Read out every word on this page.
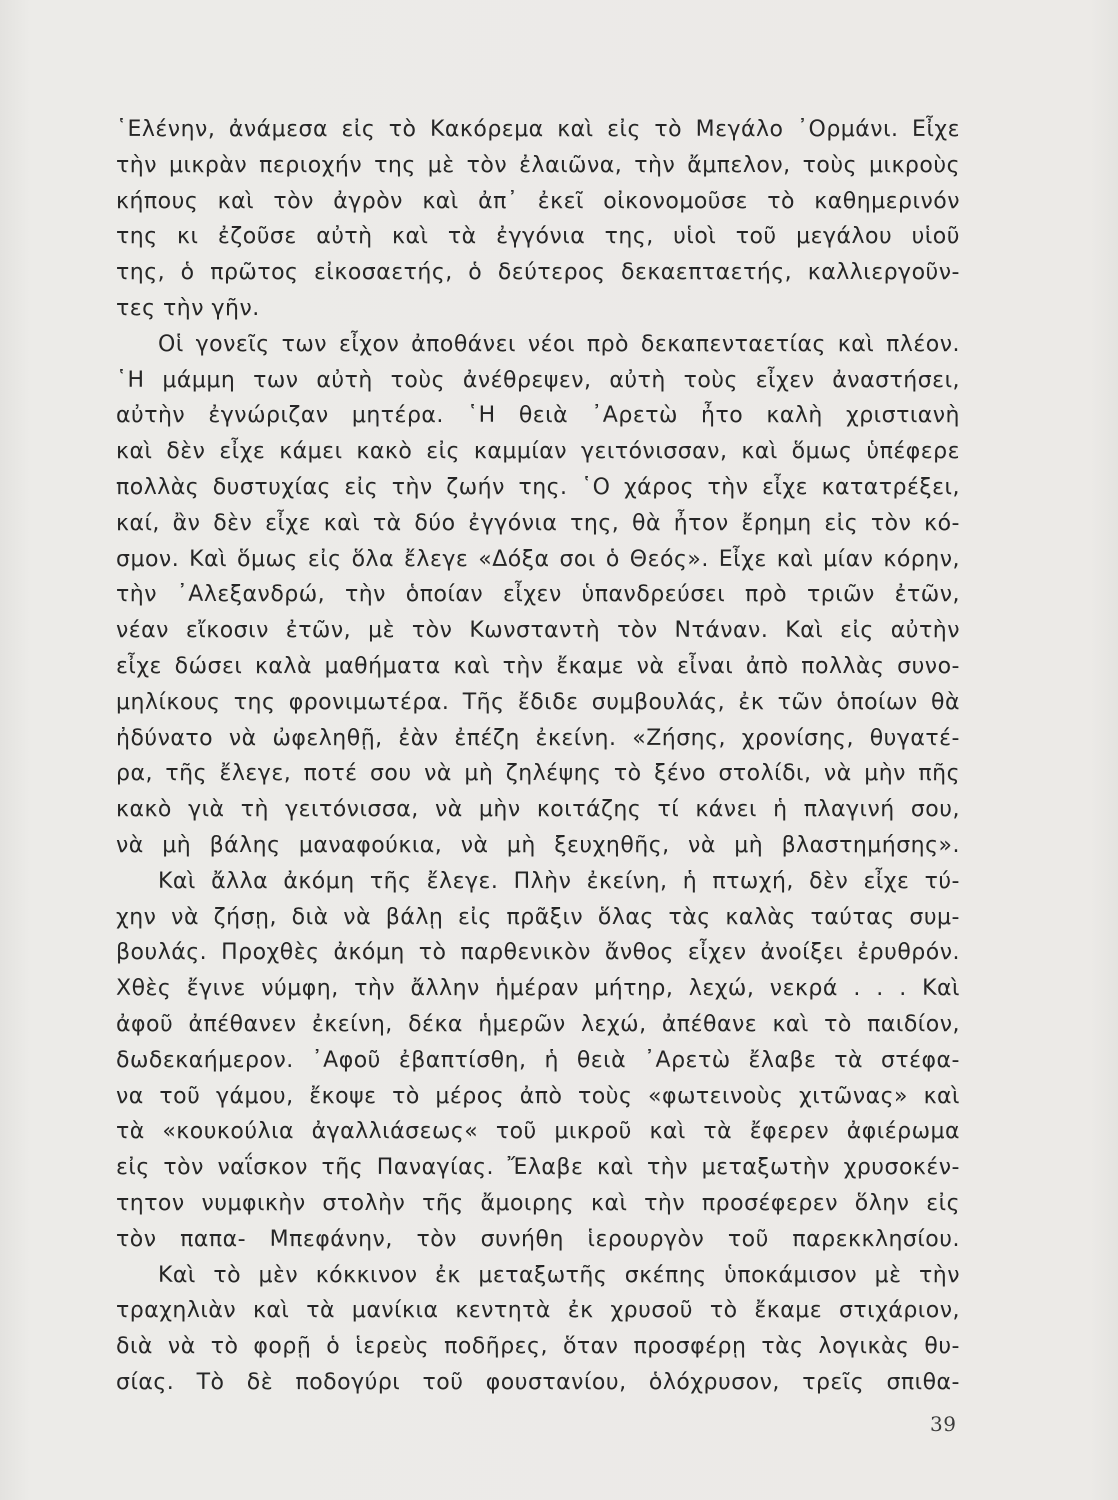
῾Ελένην, ἀνάμεσα εἰς τὸ Κακόρεμα καὶ εἰς τὸ Μεγάλο ᾿Ορμάνι. Εἶχε
τὴν μικρὰν περιοχήν της μὲ τὸν ἐλαιῶνα, τὴν ἄμπελον, τοὺς μικροὺς
κήπους καὶ τὸν ἀγρὸν καὶ ἀπ᾿ ἐκεῖ οἰκονομοῦσε τὸ καθημερινόν
της κι ἐζοῦσε αὐτὴ καὶ τὰ ἐγγόνια της, υἱοὶ τοῦ μεγάλου υἱοῦ
της, ὁ πρῶτος εἰκοσαετής, ὁ δεύτερος δεκαεπταετής, καλλιεργοῦν-
τες τὴν γῆν.
Οἱ γονεῖς των εἶχον ἀποθάνει νέοι πρὸ δεκαπενταετίας καὶ πλέον.
῾Η μάμμη των αὐτὴ τοὺς ἀνέθρεψεν, αὐτὴ τοὺς εἶχεν ἀναστήσει,
αὐτὴν ἐγνώριζαν μητέρα. ῾Η θειὰ ᾿Αρετὼ ἦτο καλὴ χριστιανὴ
καὶ δὲν εἶχε κάμει κακὸ εἰς καμμίαν γειτόνισσαν, καὶ ὅμως ὑπέφερε
πολλὰς δυστυχίας εἰς τὴν ζωήν της. ῾Ο χάρος τὴν εἶχε κατατρέξει,
καί, ἂν δὲν εἶχε καὶ τὰ δύο ἐγγόνια της, θὰ ἦτον ἔρημη εἰς τὸν κό-
σμον. Καὶ ὅμως εἰς ὅλα ἔλεγε «Δόξα σοι ὁ Θεός». Εἶχε καὶ μίαν κόρην,
τὴν ᾿Αλεξανδρώ, τὴν ὁποίαν εἶχεν ὑπανδρεύσει πρὸ τριῶν ἐτῶν,
νέαν εἴκοσιν ἐτῶν, μὲ τὸν Κωνσταντὴ τὸν Ντάναν. Καὶ εἰς αὐτὴν
εἶχε δώσει καλὰ μαθήματα καὶ τὴν ἔκαμε νὰ εἶναι ἀπὸ πολλὰς συνο-
μηλίκους της φρονιμωτέρα. Τῆς ἔδιδε συμβουλάς, ἐκ τῶν ὁποίων θὰ
ἠδύνατο νὰ ὠφεληθῇ, ἐὰν ἐπέζη ἐκείνη. «Ζήσης, χρονίσης, θυγατέ-
ρα, τῆς ἔλεγε, ποτέ σου νὰ μὴ ζηλέψης τὸ ξένο στολίδι, νὰ μὴν πῆς
κακὸ γιὰ τὴ γειτόνισσα, νὰ μὴν κοιτάζης τί κάνει ἡ πλαγινή σου,
νὰ μὴ βάλης μαναφούκια, νὰ μὴ ξευχηθῆς, νὰ μὴ βλαστημήσης».
Καὶ ἄλλα ἀκόμη τῆς ἔλεγε. Πλὴν ἐκείνη, ἡ πτωχή, δὲν εἶχε τύ-
χην νὰ ζήσῃ, διὰ νὰ βάλῃ εἰς πρᾶξιν ὅλας τὰς καλὰς ταύτας συμ-
βουλάς. Προχθὲς ἀκόμη τὸ παρθενικὸν ἄνθος εἶχεν ἀνοίξει ἐρυθρόν.
Χθὲς ἔγινε νύμφη, τὴν ἄλλην ἡμέραν μήτηρ, λεχώ, νεκρά . . . Καὶ
ἀφοῦ ἀπέθανεν ἐκείνη, δέκα ἡμερῶν λεχώ, ἀπέθανε καὶ τὸ παιδίον,
δωδεκαήμερον. ᾿Αφοῦ ἐβαπτίσθη, ἡ θειὰ ᾿Αρετὼ ἔλαβε τὰ στέφα-
να τοῦ γάμου, ἔκοψε τὸ μέρος ἀπὸ τοὺς «φωτεινοὺς χιτῶνας» καὶ
τὰ «κουκούλια ἀγαλλιάσεως« τοῦ μικροῦ καὶ τὰ ἔφερεν ἀφιέρωμα
εἰς τὸν ναΐσκον τῆς Παναγίας. Ἔλαβε καὶ τὴν μεταξωτὴν χρυσοκέν-
τητον νυμφικὴν στολὴν τῆς ἄμοιρης καὶ τὴν προσέφερεν ὅλην εἰς
τὸν παπα- Μπεφάνην, τὸν συνήθη ἱερουργὸν τοῦ παρεκκλησίου.
Καὶ τὸ μὲν κόκκινον ἐκ μεταξωτῆς σκέπης ὑποκάμισον μὲ τὴν
τραχηλιὰν καὶ τὰ μανίκια κεντητὰ ἐκ χρυσοῦ τὸ ἔκαμε στιχάριον,
διὰ νὰ τὸ φορῇ ὁ ἱερεὺς ποδῆρες, ὅταν προσφέρῃ τὰς λογικὰς θυ-
σίας. Τὸ δὲ ποδογύρι τοῦ φουστανίου, ὁλόχρυσον, τρεῖς σπιθα-
39
